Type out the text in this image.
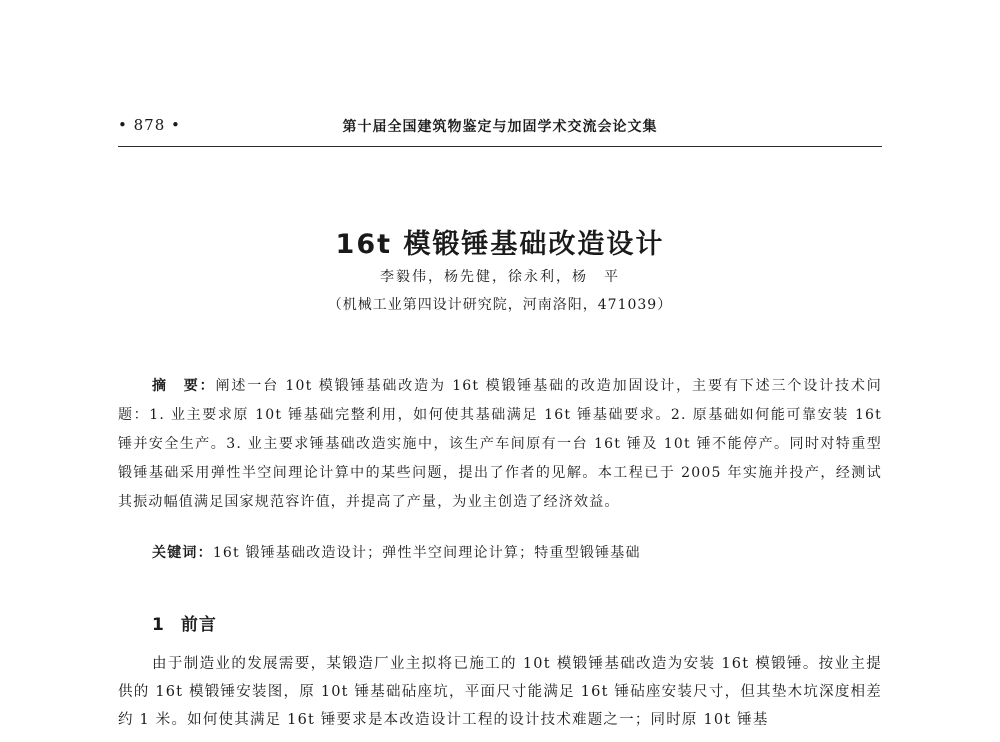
• 878 •	第十届全国建筑物鉴定与加固学术交流会论文集
16t 模锻锤基础改造设计
李毅伟，杨先健，徐永利，杨　平
（机械工业第四设计研究院，河南洛阳，471039）

摘　要：阐述一台 10t 模锻锤基础改造为 16t 模锻锤基础的改造加固设计，主要有下述三个设计技术问题：1. 业主要求原 10t 锤基础完整利用，如何使其基础满足 16t 锤基础要求。2. 原基础如何能可靠安装 16t 锤并安全生产。3. 业主要求锤基础改造实施中，该生产车间原有一台 16t 锤及 10t 锤不能停产。同时对特重型锻锤基础采用弹性半空间理论计算中的某些问题，提出了作者的见解。本工程已于 2005 年实施并投产，经测试其振动幅值满足国家规范容许值，并提高了产量，为业主创造了经济效益。

关键词：16t 锻锤基础改造设计；弹性半空间理论计算；特重型锻锤基础

1 前言

由于制造业的发展需要，某锻造厂业主拟将已施工的 10t 模锻锤基础改造为安装 16t 模锻锤。按业主提供的 16t 模锻锤安装图，原 10t 锤基础砧座坑，平面尺寸能满足 16t 锤砧座安装尺寸，但其垫木坑深度相差约 1 米。如何使其满足 16t 锤要求是本改造设计工程的设计技术难题之一；同时原 10t 锤基
